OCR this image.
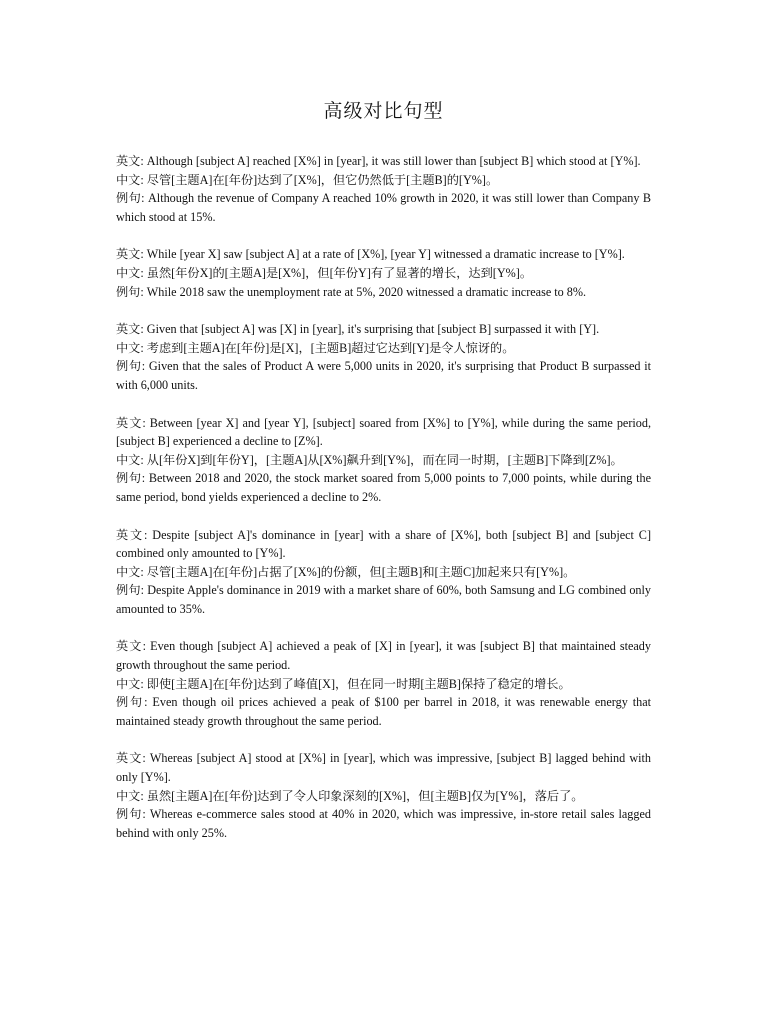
高级对比句型
英文: Although [subject A] reached [X%] in [year], it was still lower than [subject B] which stood at [Y%].
中文: 尽管[主题A]在[年份]达到了[X%]，但它仍然低于[主题B]的[Y%]。
例句: Although the revenue of Company A reached 10% growth in 2020, it was still lower than Company B which stood at 15%.
英文: While [year X] saw [subject A] at a rate of [X%], [year Y] witnessed a dramatic increase to [Y%].
中文: 虽然[年份X]的[主题A]是[X%]，但[年份Y]有了显著的增长，达到[Y%]。
例句: While 2018 saw the unemployment rate at 5%, 2020 witnessed a dramatic increase to 8%.
英文: Given that [subject A] was [X] in [year], it's surprising that [subject B] surpassed it with [Y].
中文: 考虑到[主题A]在[年份]是[X]，[主题B]超过它达到[Y]是令人惊讶的。
例句: Given that the sales of Product A were 5,000 units in 2020, it's surprising that Product B surpassed it with 6,000 units.
英文: Between [year X] and [year Y], [subject] soared from [X%] to [Y%], while during the same period, [subject B] experienced a decline to [Z%].
中文: 从[年份X]到[年份Y]，[主题A]从[X%]飙升到[Y%]，而在同一时期，[主题B]下降到[Z%]。
例句: Between 2018 and 2020, the stock market soared from 5,000 points to 7,000 points, while during the same period, bond yields experienced a decline to 2%.
英文: Despite [subject A]'s dominance in [year] with a share of [X%], both [subject B] and [subject C] combined only amounted to [Y%].
中文: 尽管[主题A]在[年份]占据了[X%]的份额，但[主题B]和[主题C]加起来只有[Y%]。
例句: Despite Apple's dominance in 2019 with a market share of 60%, both Samsung and LG combined only amounted to 35%.
英文: Even though [subject A] achieved a peak of [X] in [year], it was [subject B] that maintained steady growth throughout the same period.
中文: 即使[主题A]在[年份]达到了峰值[X]，但在同一时期[主题B]保持了稳定的增长。
例句: Even though oil prices achieved a peak of $100 per barrel in 2018, it was renewable energy that maintained steady growth throughout the same period.
英文: Whereas [subject A] stood at [X%] in [year], which was impressive, [subject B] lagged behind with only [Y%].
中文: 虽然[主题A]在[年份]达到了令人印象深刻的[X%]，但[主题B]仅为[Y%]，落后了。
例句: Whereas e-commerce sales stood at 40% in 2020, which was impressive, in-store retail sales lagged behind with only 25%.
